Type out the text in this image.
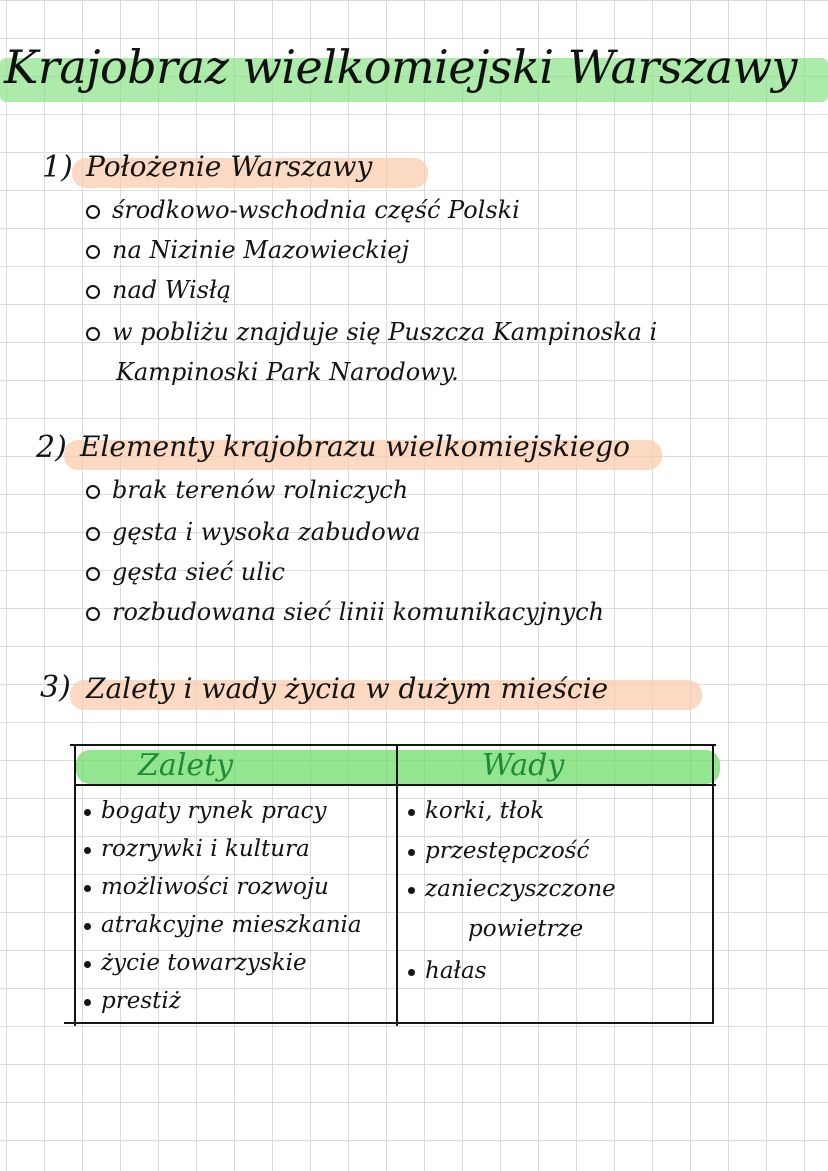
Krajobraz wielkomiejski Warszawy
1) Położenie Warszawy
środkowo-wschodnia część Polski
na Nizinie Mazowieckiej
nad Wisłą
w pobliżu znajduje się Puszcza Kampinoska i
Kampinoski Park Narodowy.
2) Elementy krajobrazu wielkomiejskiego
brak terenów rolniczych
gęsta i wysoka zabudowa
gęsta sieć ulic
rozbudowana sieć linii komunikacyjnych
3) Zalety i wady życia w dużym mieście
Zalety	Wady
bogaty rynek pracy
rozrywki i kultura
możliwości rozwoju
atrakcyjne mieszkania
życie towarzyskie
prestiż
korki, tłok
przestępczość
zanieczyszczone
powietrze
hałas
